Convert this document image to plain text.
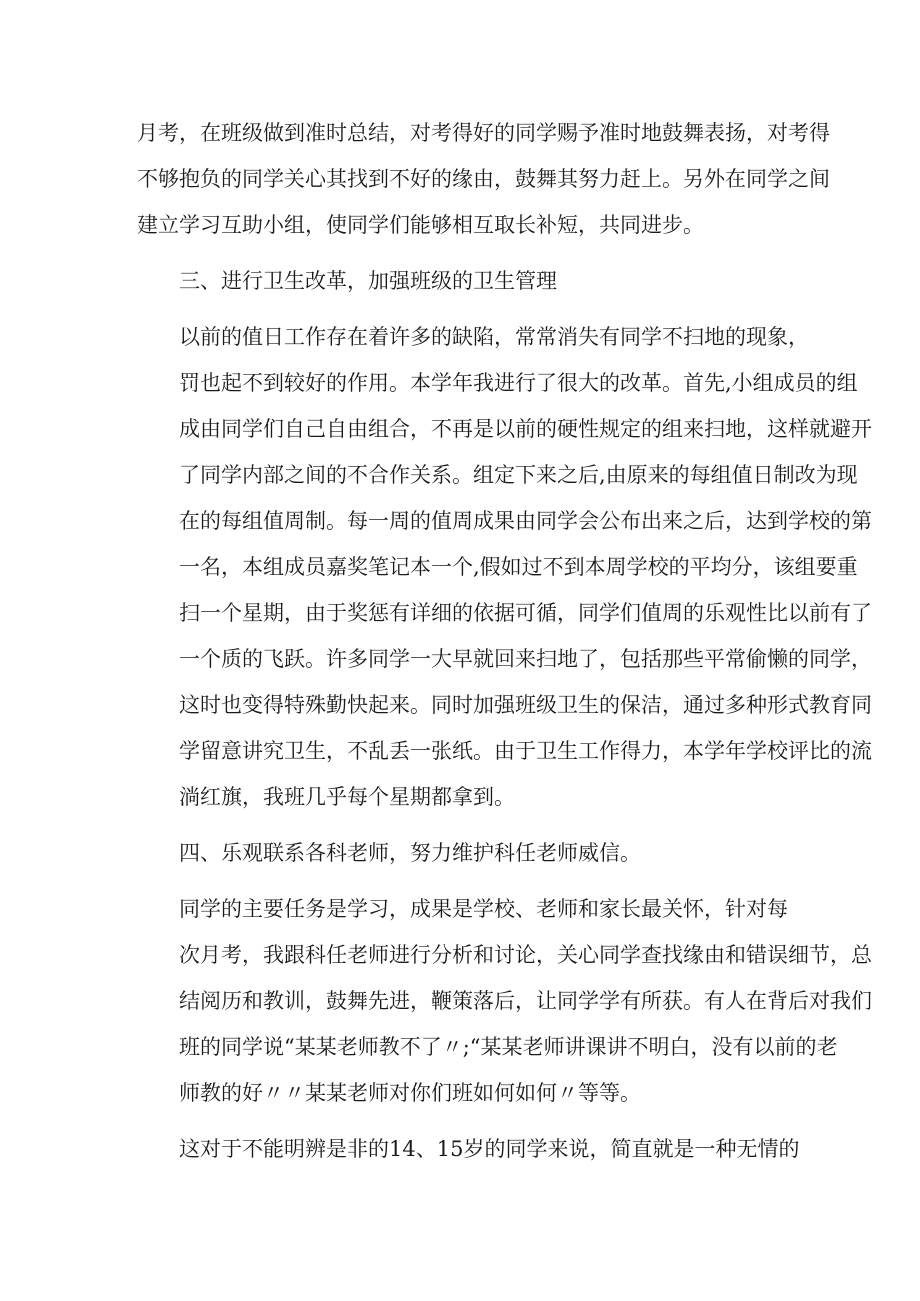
月考，在班级做到准时总结，对考得好的同学赐予准时地鼓舞表扬，对考得
不够抱负的同学关心其找到不好的缘由，鼓舞其努力赶上。另外在同学之间
建立学习互助小组，使同学们能够相互取长补短，共同进步。

三、进行卫生改革，加强班级的卫生管理

以前的值日工作存在着许多的缺陷，常常消失有同学不扫地的现象，
罚也起不到较好的作用。本学年我进行了很大的改革。首先,小组成员的组
成由同学们自己自由组合，不再是以前的硬性规定的组来扫地，这样就避开
了同学内部之间的不合作关系。组定下来之后,由原来的每组值日制改为现
在的每组值周制。每一周的值周成果由同学会公布出来之后，达到学校的第
一名，本组成员嘉奖笔记本一个,假如过不到本周学校的平均分，该组要重
扫一个星期，由于奖惩有详细的依据可循，同学们值周的乐观性比以前有了
一个质的飞跃。许多同学一大早就回来扫地了，包括那些平常偷懒的同学，
这时也变得特殊勤快起来。同时加强班级卫生的保洁，通过多种形式教育同
学留意讲究卫生，不乱丢一张纸。由于卫生工作得力，本学年学校评比的流
淌红旗，我班几乎每个星期都拿到。

四、乐观联系各科老师，努力维护科任老师威信。

同学的主要任务是学习，成果是学校、老师和家长最关怀，针对每
次月考，我跟科任老师进行分析和讨论，关心同学查找缘由和错误细节，总
结阅历和教训，鼓舞先进，鞭策落后，让同学学有所获。有人在背后对我们
班的同学说“某某老师教不了〃;“某某老师讲课讲不明白，没有以前的老
师教的好〃〃某某老师对你们班如何如何〃等等。

这对于不能明辨是非的14、15岁的同学来说，简直就是一种无情的
